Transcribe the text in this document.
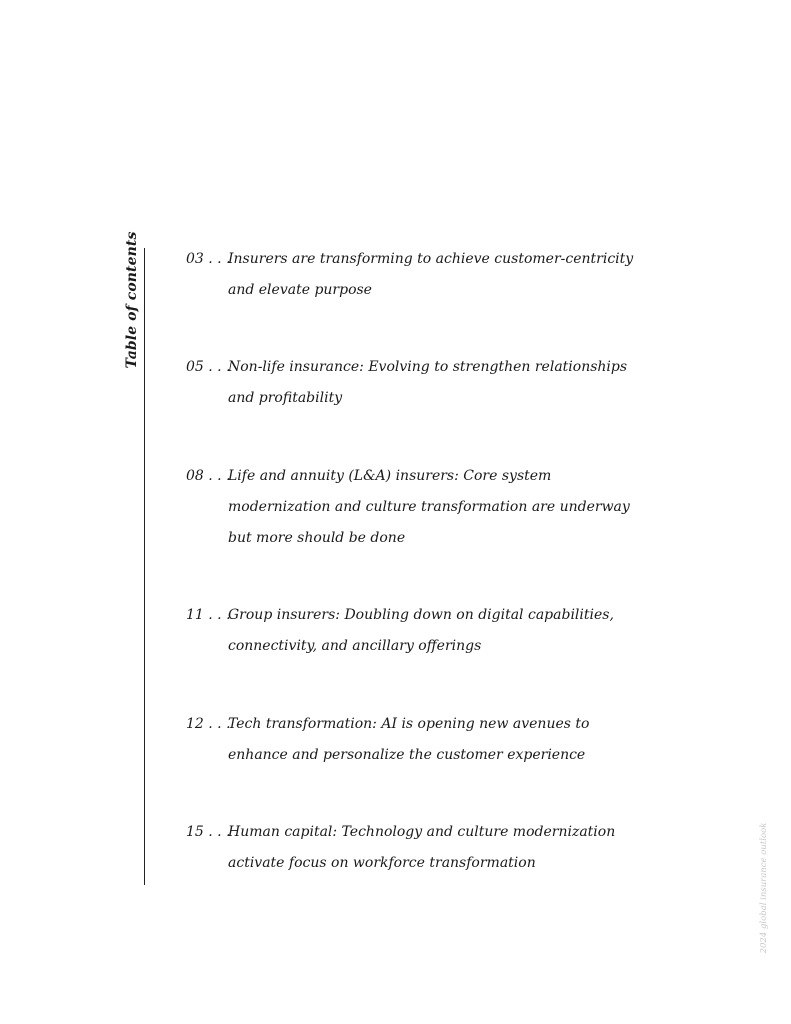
Table of contents	03 . . .Insurers are transforming to achieve customer-centricity
and elevate purpose
05 . . .Non-life insurance: Evolving to strengthen relationships
and profitability
08 . . .Life and annuity (L&A) insurers: Core system
modernization and culture transformation are underway
but more should be done
11 . . .Group insurers: Doubling down on digital capabilities,
connectivity, and ancillary offerings
12 . . .Tech transformation: AI is opening new avenues to
enhance and personalize the customer experience
15 . . .Human capital: Technology and culture modernization
activate focus on workforce transformation	2024 global insurance outlook
